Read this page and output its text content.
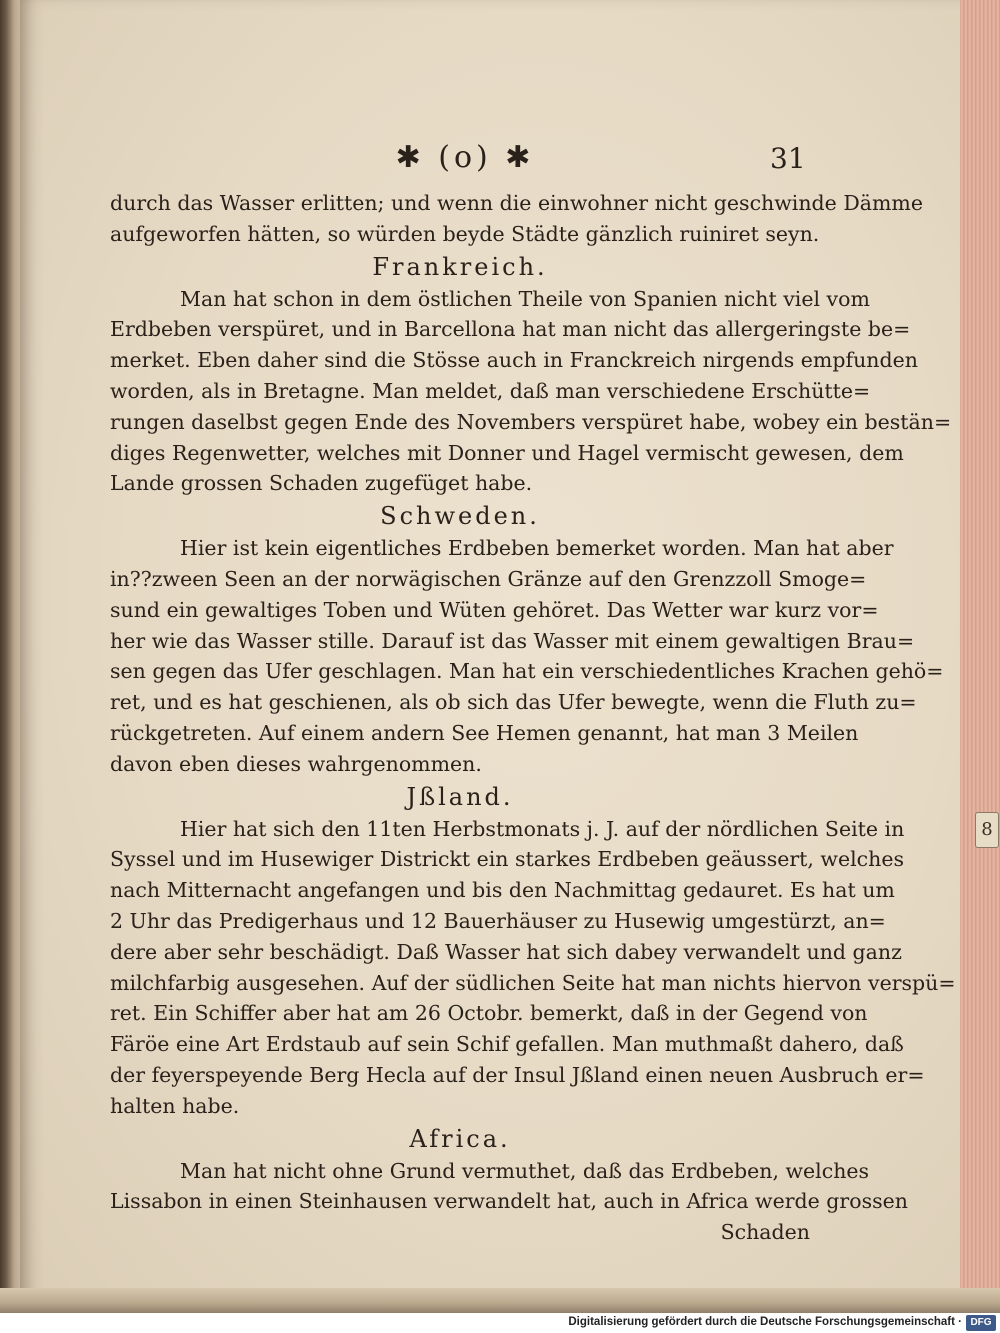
8
✱ (o) ✱	31
durch das Wasser erlitten; und wenn die einwohner nicht geschwinde Dämme
aufgeworfen hätten, so würden beyde Städte gänzlich ruiniret seyn.
Frankreich.
Man hat schon in dem östlichen Theile von Spanien nicht viel vom
Erdbeben verspüret, und in Barcellona hat man nicht das allergeringste be=
merket. Eben daher sind die Stösse auch in Franckreich nirgends empfunden
worden, als in Bretagne. Man meldet, daß man verschiedene Erschütte=
rungen daselbst gegen Ende des Novembers verspüret habe, wobey ein bestän=
diges Regenwetter, welches mit Donner und Hagel vermischt gewesen, dem
Lande grossen Schaden zugefüget habe.
Schweden.
Hier ist kein eigentliches Erdbeben bemerket worden. Man hat aber
in??zween Seen an der norwägischen Gränze auf den Grenzzoll Smoge=
sund ein gewaltiges Toben und Wüten gehöret. Das Wetter war kurz vor=
her wie das Wasser stille. Darauf ist das Wasser mit einem gewaltigen Brau=
sen gegen das Ufer geschlagen. Man hat ein verschiedentliches Krachen gehö=
ret, und es hat geschienen, als ob sich das Ufer bewegte, wenn die Fluth zu=
rückgetreten. Auf einem andern See Hemen genannt, hat man 3 Meilen
davon eben dieses wahrgenommen.
Jßland.
Hier hat sich den 11ten Herbstmonats j. J. auf der nördlichen Seite in
Syssel und im Husewiger Districkt ein starkes Erdbeben geäussert, welches
nach Mitternacht angefangen und bis den Nachmittag gedauret. Es hat um
2 Uhr das Predigerhaus und 12 Bauerhäuser zu Husewig umgestürzt, an=
dere aber sehr beschädigt. Daß Wasser hat sich dabey verwandelt und ganz
milchfarbig ausgesehen. Auf der südlichen Seite hat man nichts hiervon verspü=
ret. Ein Schiffer aber hat am 26 Octobr. bemerkt, daß in der Gegend von
Färöe eine Art Erdstaub auf sein Schif gefallen. Man muthmaßt dahero, daß
der feyerspeyende Berg Hecla auf der Insul Jßland einen neuen Ausbruch er=
halten habe.
Africa.
Man hat nicht ohne Grund vermuthet, daß das Erdbeben, welches
Lissabon in einen Steinhausen verwandelt hat, auch in Africa werde grossen
Schaden
Digitalisierung gefördert durch die Deutsche Forschungsgemeinschaft · DFG
